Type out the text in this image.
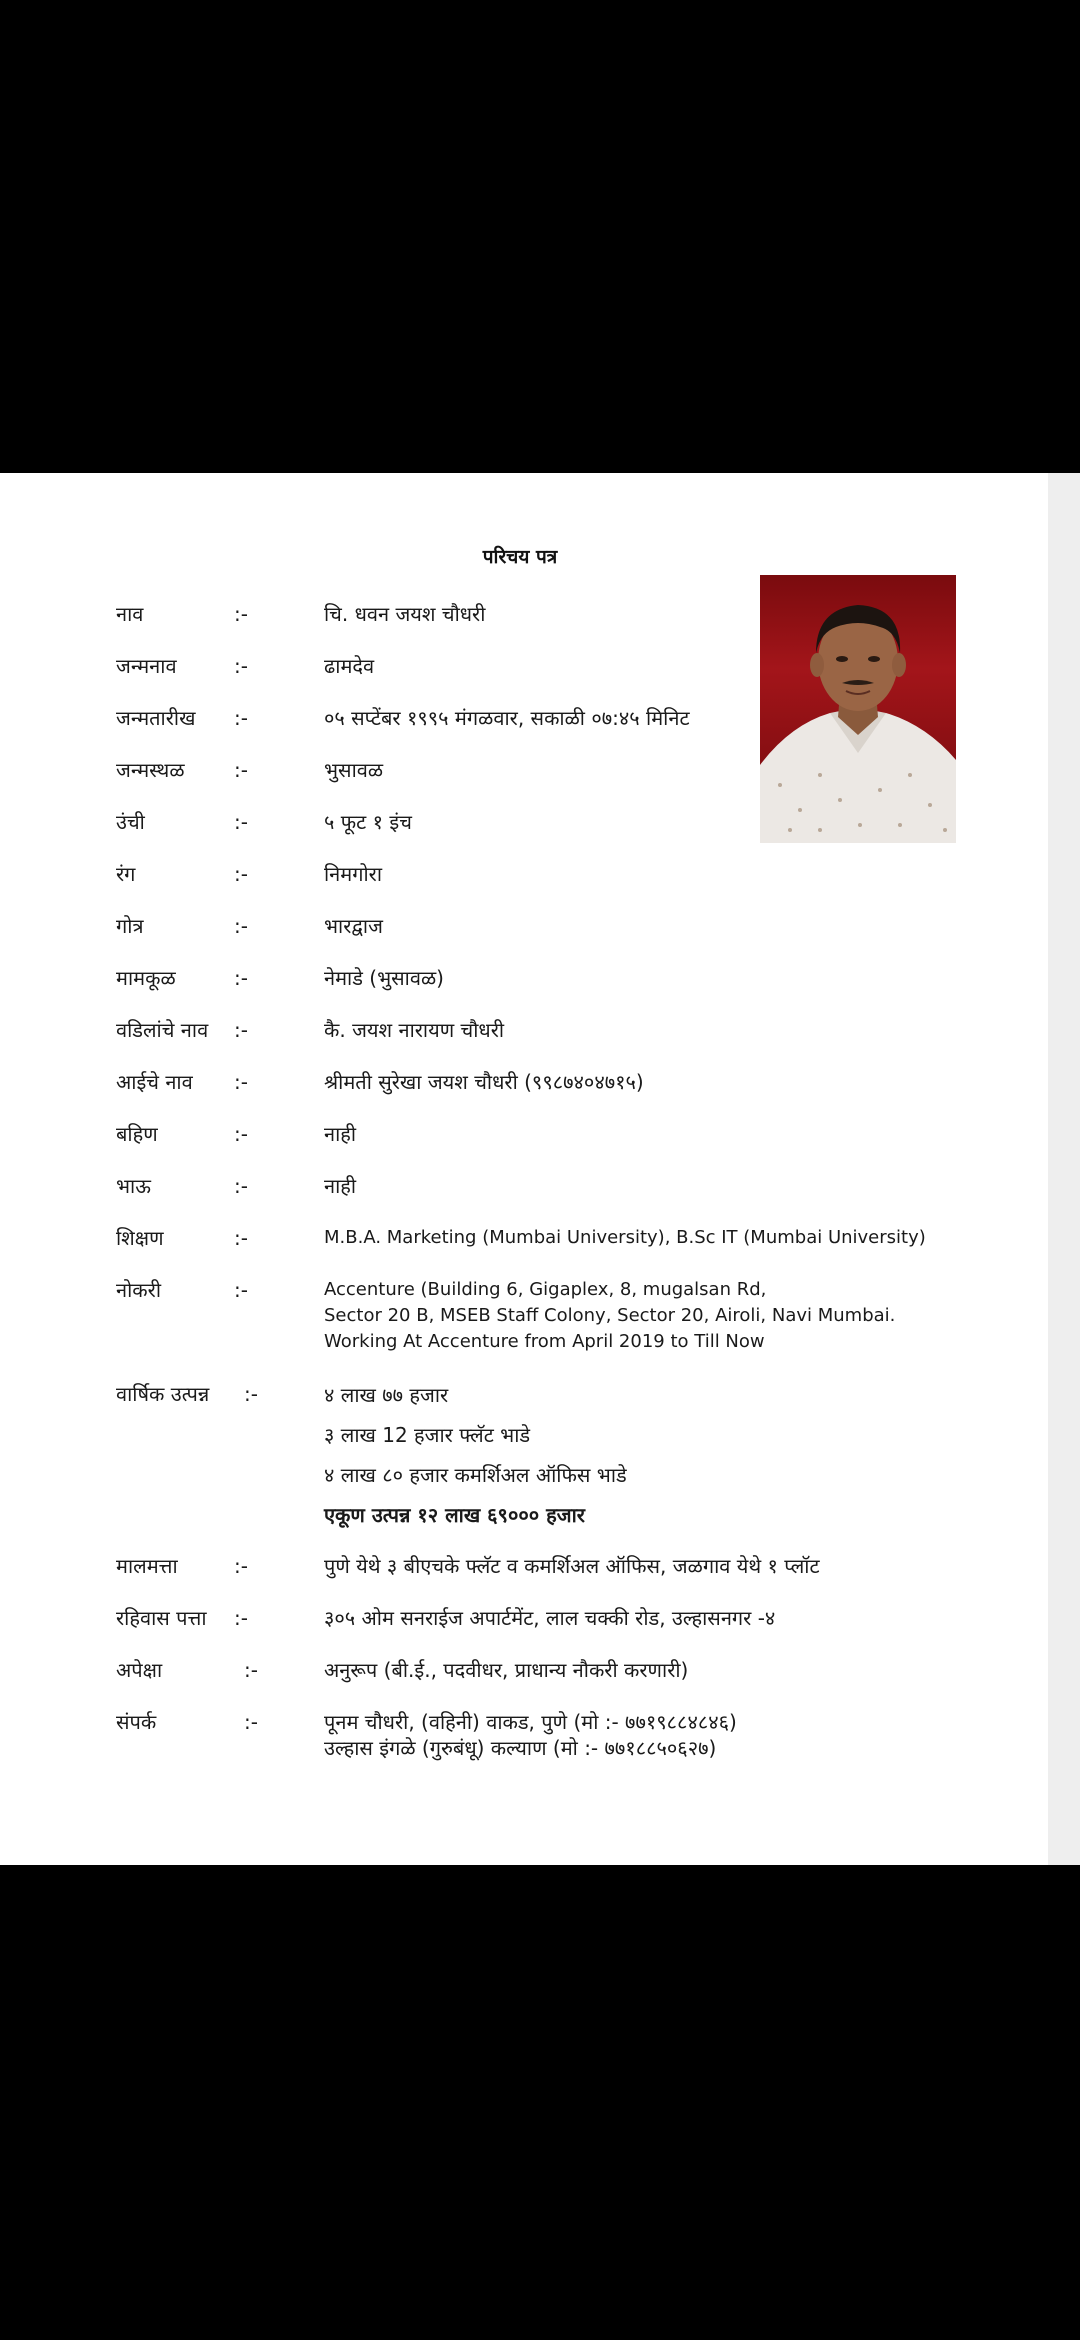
परिचय पत्र
नाव	:-	चि. धवन जयश चौधरी
जन्मनाव	:-	ढामदेव
जन्मतारीख :-	०५ सप्टेंबर १९९५ मंगळवार, सकाळी ०७:४५ मिनिट
जन्मस्थळ :-	भुसावळ
उंची	:-	५ फूट १ इंच
रंग	:-	निमगोरा
गोत्र	:-	भारद्वाज
मामकूळ	:-	नेमाडे (भुसावळ)
वडिलांचे नाव :-	कै. जयश नारायण चौधरी
आईचे नाव :-	श्रीमती सुरेखा जयश चौधरी (९९८७४०४७१५)
बहिण	:-	नाही
भाऊ	:-	नाही
शिक्षण	:-	M.B.A. Marketing (Mumbai University), B.Sc IT (Mumbai University)
नोकरी	:-	Accenture (Building 6, Gigaplex, 8, mugalsan Rd,
Sector 20 B, MSEB Staff Colony, Sector 20, Airoli, Navi Mumbai.
Working At Accenture from April 2019 to Till Now
वार्षिक उत्पन्न :-	४ लाख ७७ हजार
३ लाख 12 हजार फ्लॅट भाडे
४ लाख ८० हजार कमर्शिअल ऑफिस भाडे
एकूण उत्पन्न १२ लाख ६९००० हजार
मालमत्ता	:-	पुणे येथे ३ बीएचके फ्लॅट व कमर्शिअल ऑफिस, जळगाव येथे १ प्लॉट
रहिवास पत्ता :-	३०५ ओम सनराईज अपार्टमेंट, लाल चक्की रोड, उल्हासनगर -४
अपेक्षा	:-	अनुरूप (बी.ई., पदवीधर, प्राधान्य नौकरी करणारी)
संपर्क	:-	पूनम चौधरी, (वहिनी) वाकड, पुणे (मो :- ७७१९८८४८४६)
उल्हास इंगळे (गुरुबंधू) कल्याण (मो :- ७७१८८५०६२७)
